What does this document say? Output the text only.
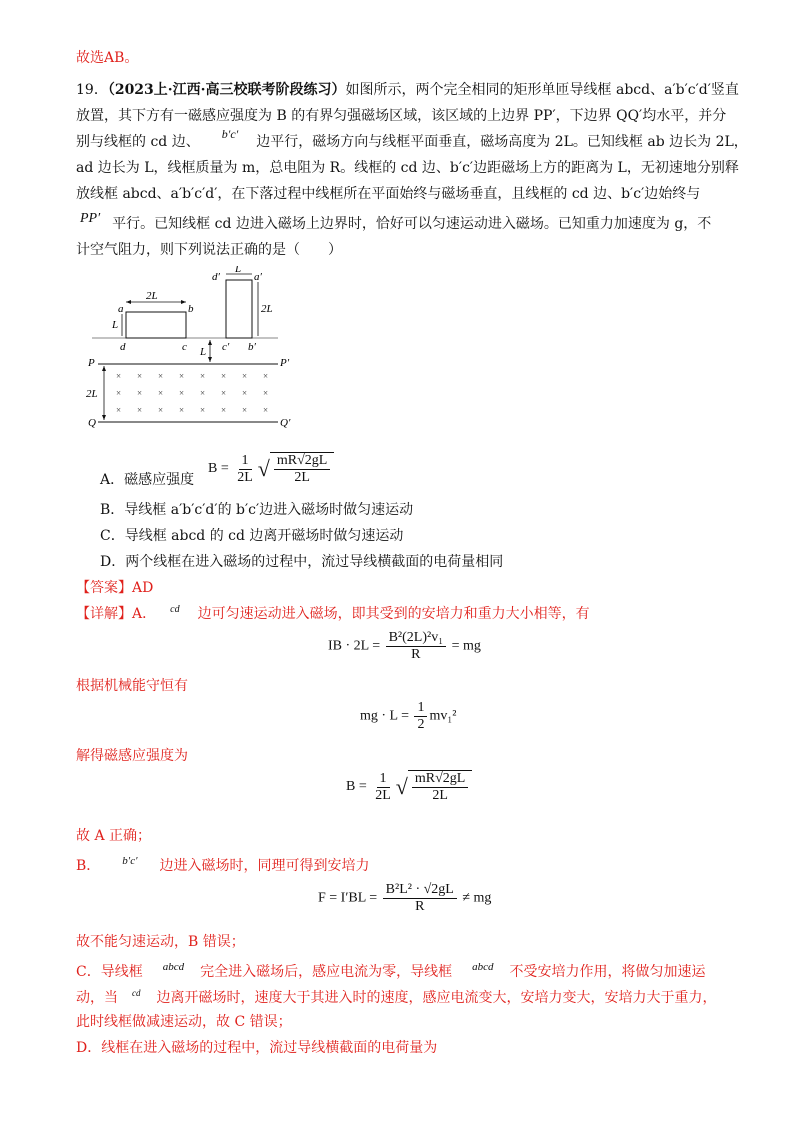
故选AB。
19．（2023上·江西·高三校联考阶段练习）如图所示，两个完全相同的矩形单匝导线框 abcd、a′b′c′d′竖直
放置，其下方有一磁感应强度为 B 的有界匀强磁场区域，该区域的上边界 PP′，下边界 QQ′均水平，并分
别与线框的 cd 边、 b′c′ 边平行，磁场方向与线框平面垂直，磁场高度为 2L。已知线框 ab 边长为 2L，
ad 边长为 L，线框质量为 m，总电阻为 R。线框的 cd 边、b′c′边距磁场上方的距离为 L，无初速地分别释
放线框 abcd、a′b′c′d′，在下落过程中线框所在平面始终与磁场垂直，且线框的 cd 边、b′c′边始终与
PP′ 平行。已知线框 cd 边进入磁场上边界时，恰好可以匀速运动进入磁场。已知重力加速度为 g，不
计空气阻力，则下列说法正确的是（　　）
a	b
d	c
2L
L
d′	a′
c′ b′
L
2L
L
P	P′
Q	Q′
2L
× × × × × × × ×
× × × × × × × ×
× × × × × × × ×
A．磁感应强度
$B = \frac{1}{2L}$ √ $\frac{mR√2gL}{2L}$
B．导线框 a′b′c′d′的 b′c′边进入磁场时做匀速运动
C．导线框 abcd 的 cd 边离开磁场时做匀速运动
D．两个线框在进入磁场的过程中，流过导线横截面的电荷量相同
【答案】AD
【详解】A． $^{cd}$ 边可匀速运动进入磁场，即其受到的安培力和重力大小相等，有
IB · $2L = \frac{\text{B²(2L)²v₁}}{R}$ = mg
根据机械能守恒有
mg · $L = \frac{1}{2} mv_1^2$
解得磁感应强度为
$B = \frac{1}{2L}$ √ $\frac{mR√2gL}{2L}$
故 A 正确；
B． $^{b'c'}$ 边进入磁场时，同理可得到安培力
$F = I'BL = \frac{\text{B²L² · √2gL}}{R}$ ≠ mg
故不能匀速运动，B 错误；
C．导线框 $^{abcd}$ 完全进入磁场后，感应电流为零，导线框 $^{abcd}$ 不受安培力作用，将做匀加速运
动，当 $^{cd}$ 边离开磁场时，速度大于其进入时的速度，感应电流变大，安培力变大，安培力大于重力，
此时线框做减速运动，故 C 错误；
D．线框在进入磁场的过程中，流过导线横截面的电荷量为
